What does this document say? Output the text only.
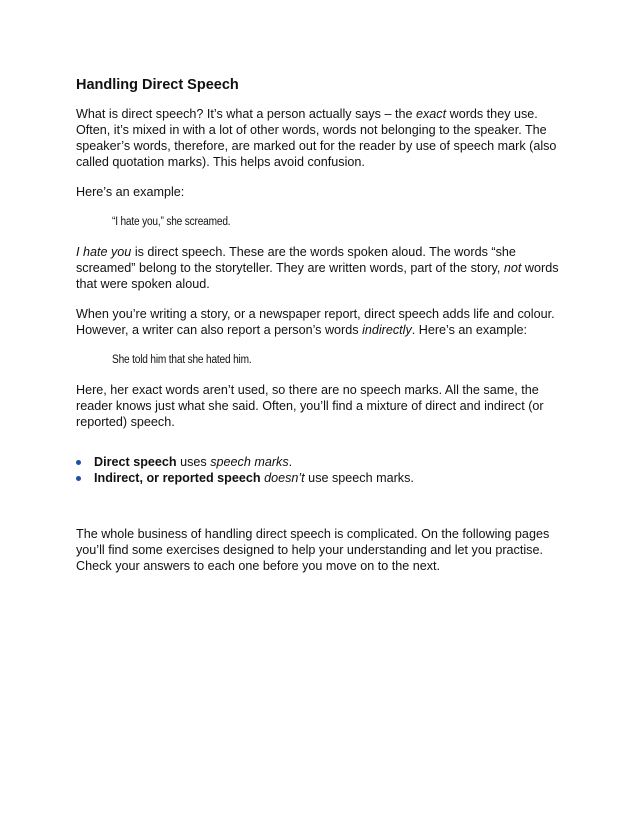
Handling Direct Speech

What is direct speech? It’s what a person actually says – the exact words they use. Often, it’s mixed in with a lot of other words, words not belonging to the speaker. The speaker’s words, therefore, are marked out for the reader by use of speech mark (also called quotation marks). This helps avoid confusion.

Here’s an example:

“I hate you,” she screamed.

I hate you is direct speech. These are the words spoken aloud. The words “she screamed” belong to the storyteller. They are written words, part of the story, not words that were spoken aloud.

When you’re writing a story, or a newspaper report, direct speech adds life and colour. However, a writer can also report a person’s words indirectly. Here’s an example:

She told him that she hated him.

Here, her exact words aren’t used, so there are no speech marks. All the same, the reader knows just what she said. Often, you’ll find a mixture of direct and indirect (or reported) speech.

Direct speech uses speech marks.
Indirect, or reported speech doesn’t use speech marks.

The whole business of handling direct speech is complicated. On the following pages you’ll find some exercises designed to help your understanding and let you practise. Check your answers to each one before you move on to the next.
